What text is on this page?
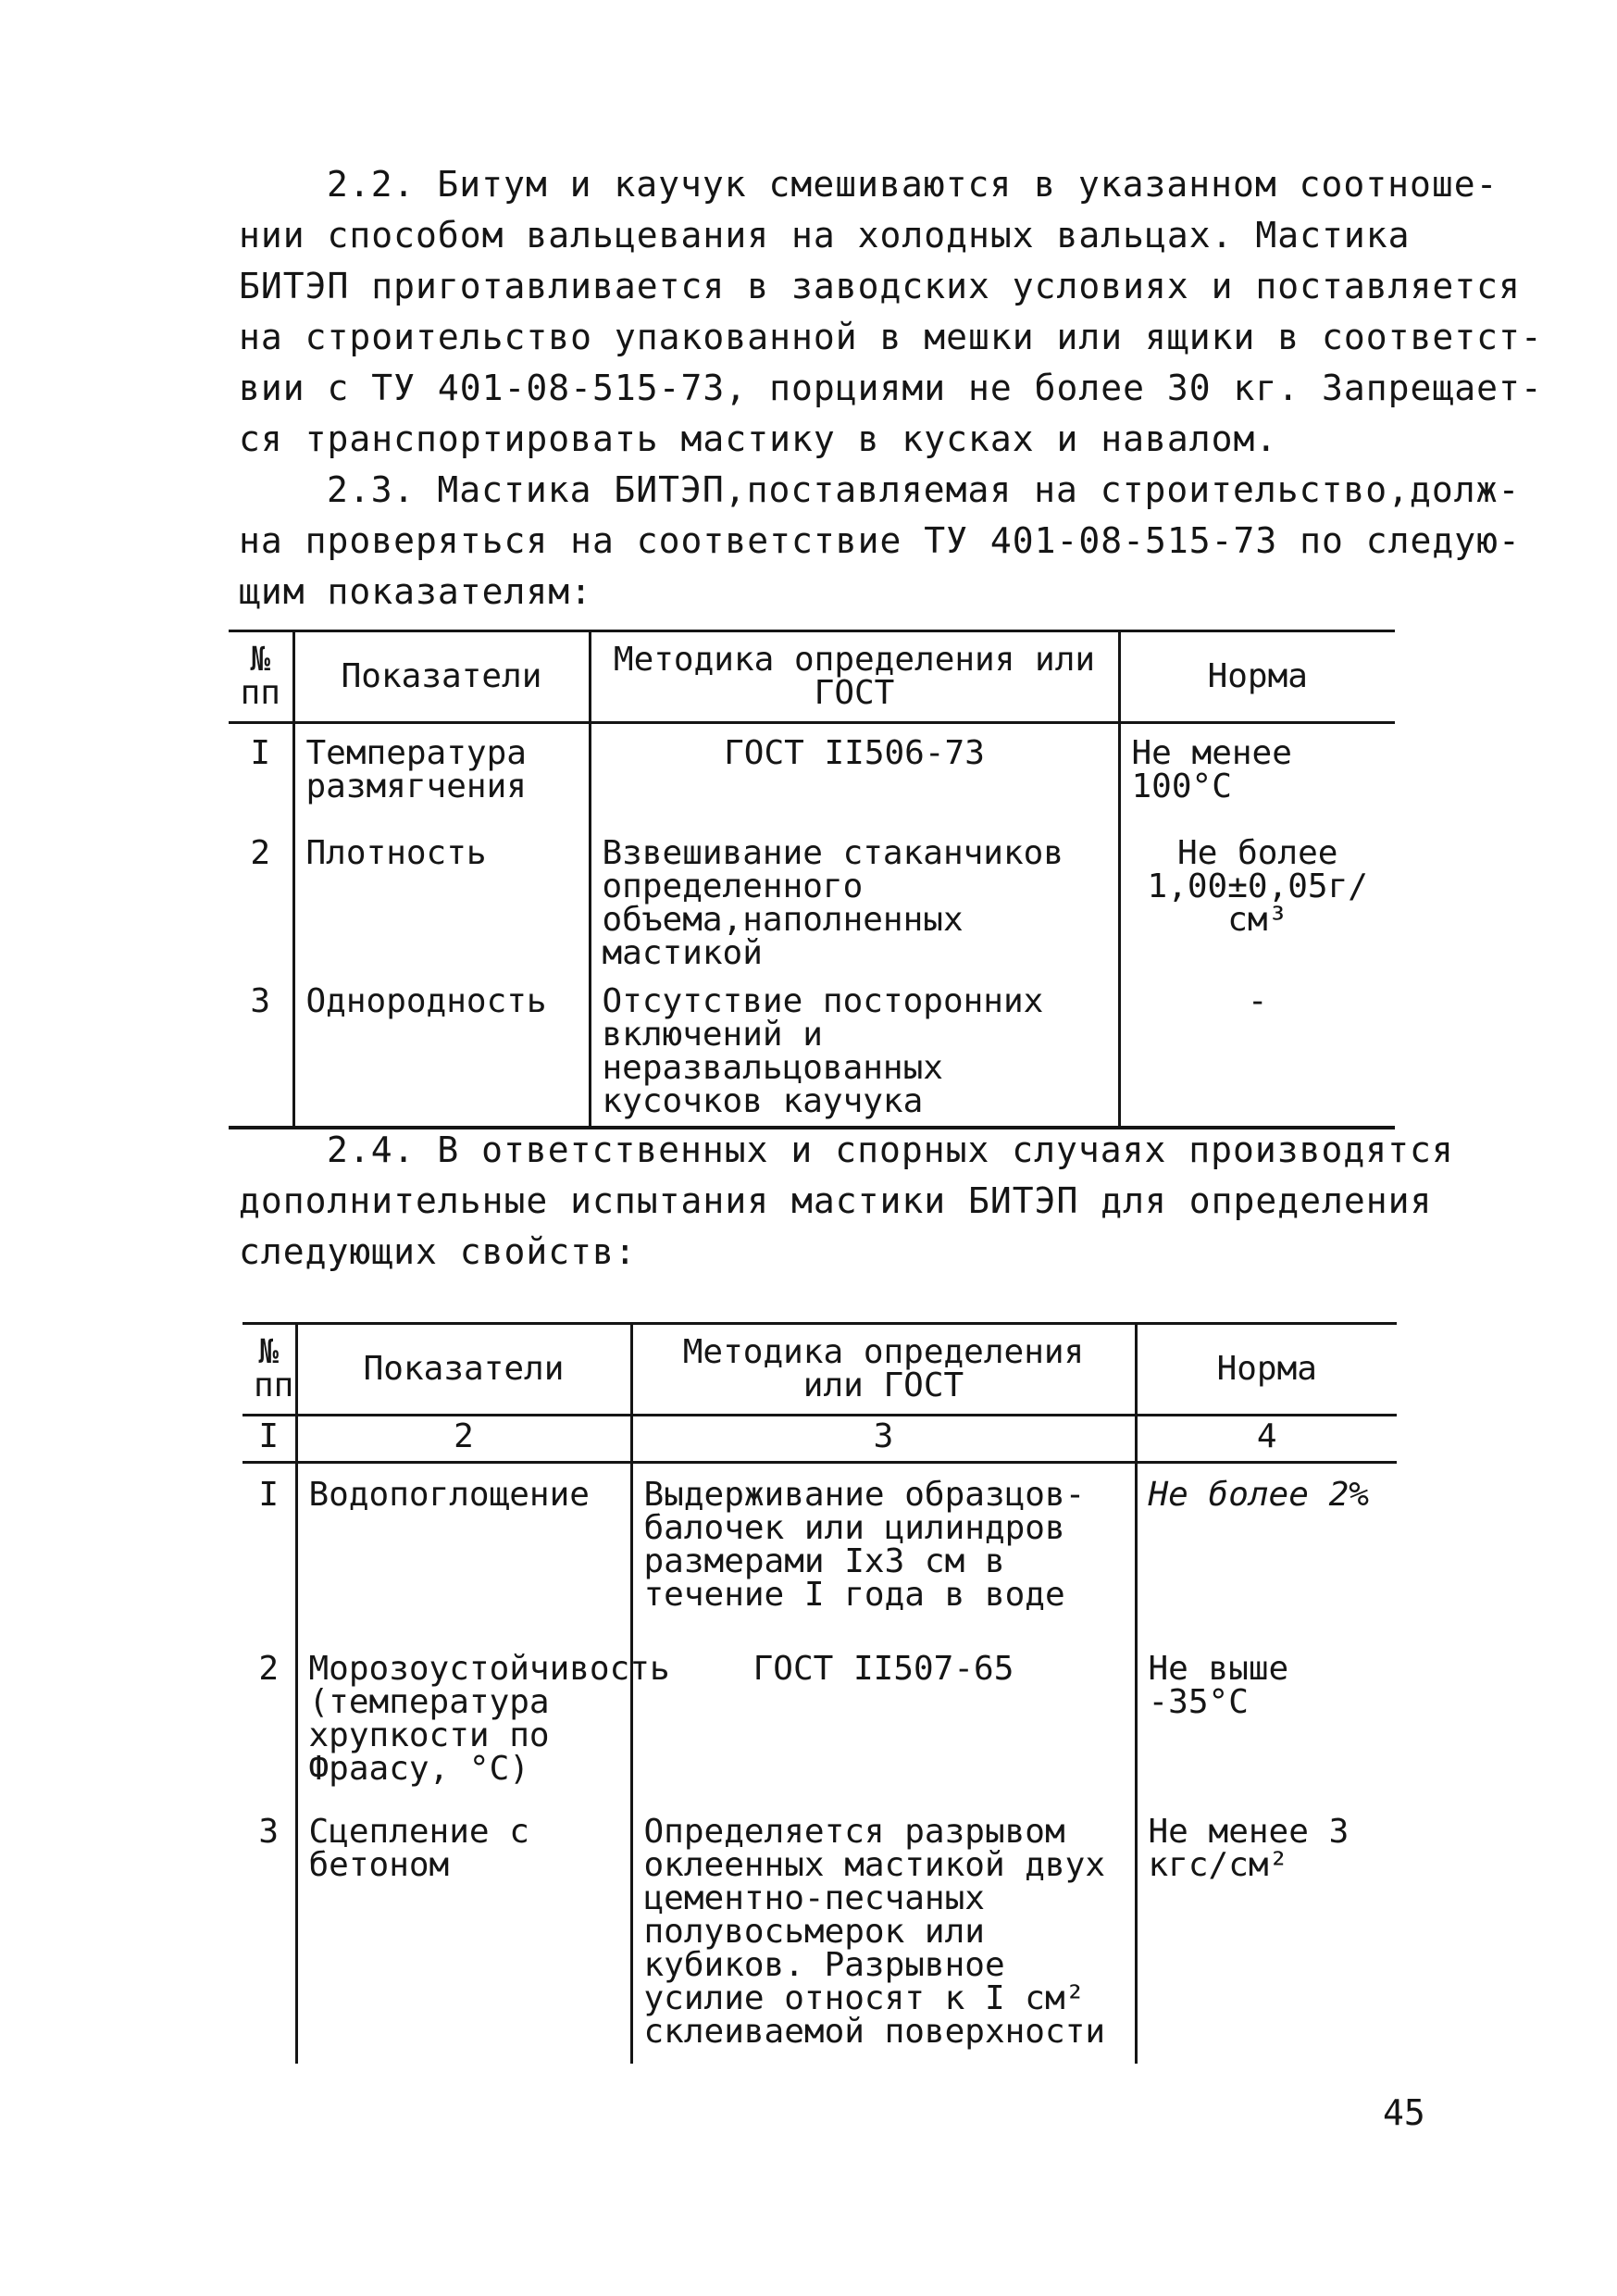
2.2. Битум и каучук смешиваются в указанном соотноше-
нии способом вальцевания на холодных вальцах. Мастика
БИТЭП приготавливается в заводских условиях и поставляется
на строительство упакованной в мешки или ящики в соответст-
вии с ТУ 401-08-515-73, порциями не более 30 кг. Запрещает-
ся транспортировать мастику в кусках и навалом.
2.3. Мастика БИТЭП,поставляемая на строительство,долж-
на проверяться на соответствие ТУ 401-08-515-73 по следую-
щим показателям:
№ пп	Показатели	Методика определения или ГОСТ	Норма
I	Температура размягчения	ГОСТ II506-73	Не менее 100°С
2	Плотность	Взвешивание стаканчиков определенного объема,наполненных мастикой	Не более 1,00±0,05г/см³
3	Однородность	Отсутствие посторонних включений и неразвальцованных кусочков каучука	-
2.4. В ответственных и спорных случаях производятся
дополнительные испытания мастики БИТЭП для определения
следующих свойств:
№ пп	Показатели	Методика определения или ГОСТ	Норма
I	2	3	4
I	Водопоглощение	Выдерживание образцов-балочек или цилиндров размерами Iх3 см в течение I года в воде	Не более 2%
2	Морозоустойчивость (температура хрупкости по Фраасу, °С)	ГОСТ II507-65	Не выше -35°С
3	Сцепление с бетоном	Определяется разрывом оклеенных мастикой двух цементно-песчаных полувосьмерок или кубиков. Разрывное усилие относят к I см² склеиваемой поверхности	Не менее 3 кгс/см²
45
